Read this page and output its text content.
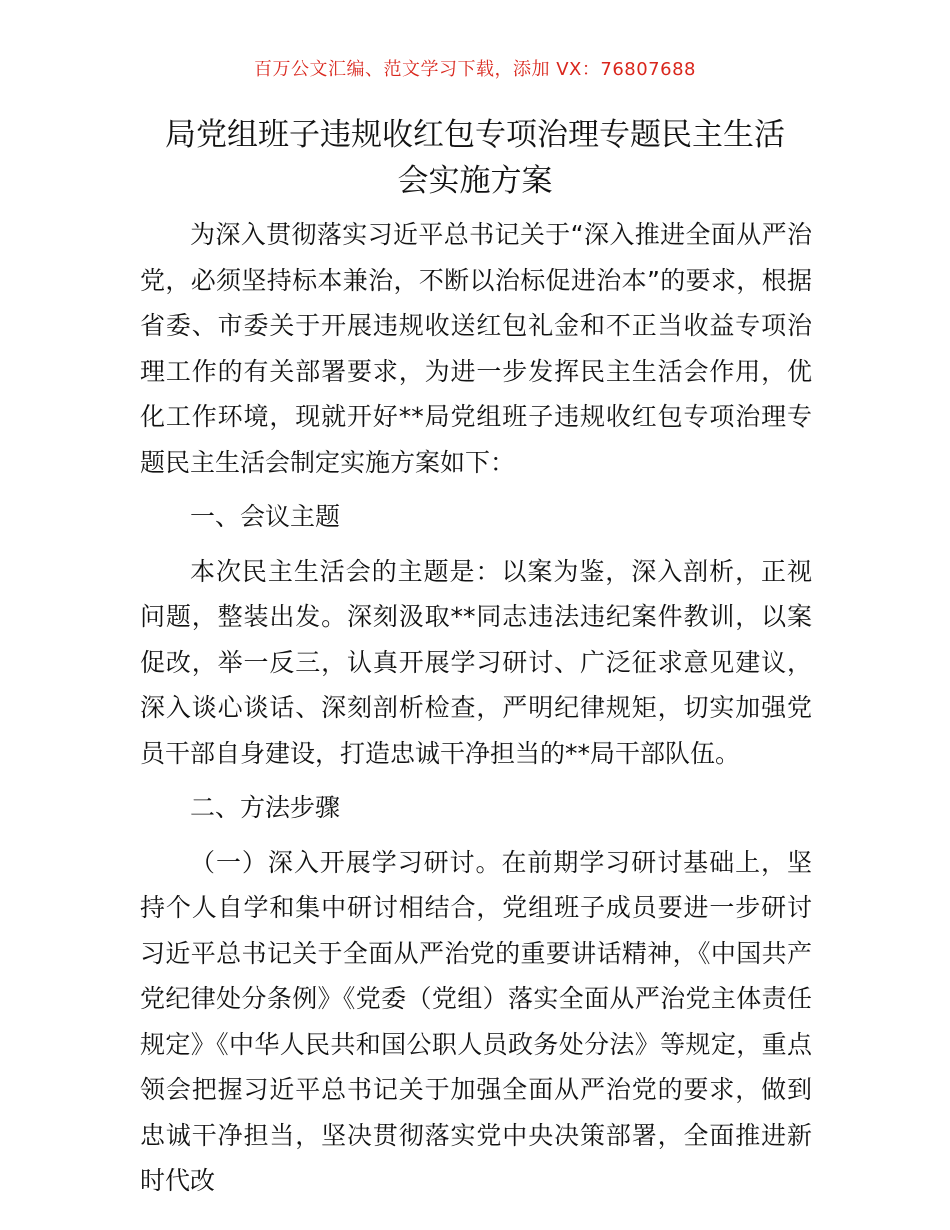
百万公文汇编、范文学习下载，添加 VX：76807688
局党组班子违规收红包专项治理专题民主生活
会实施方案

为深入贯彻落实习近平总书记关于“深入推进全面从严治党，必须坚持标本兼治，不断以治标促进治本”的要求，根据省委、市委关于开展违规收送红包礼金和不正当收益专项治理工作的有关部署要求，为进一步发挥民主生活会作用，优化工作环境，现就开好**局党组班子违规收红包专项治理专题民主生活会制定实施方案如下：

一、会议主题

本次民主生活会的主题是：以案为鉴，深入剖析，正视问题，整装出发。深刻汲取**同志违法违纪案件教训，以案促改，举一反三，认真开展学习研讨、广泛征求意见建议，深入谈心谈话、深刻剖析检查，严明纪律规矩，切实加强党员干部自身建设，打造忠诚干净担当的**局干部队伍。

二、方法步骤

（一）深入开展学习研讨。在前期学习研讨基础上，坚持个人自学和集中研讨相结合，党组班子成员要进一步研讨习近平总书记关于全面从严治党的重要讲话精神，《中国共产党纪律处分条例》《党委（党组）落实全面从严治党主体责任规定》《中华人民共和国公职人员政务处分法》等规定，重点领会把握习近平总书记关于加强全面从严治党的要求，做到忠诚干净担当，坚决贯彻落实党中央决策部署，全面推进新时代改
